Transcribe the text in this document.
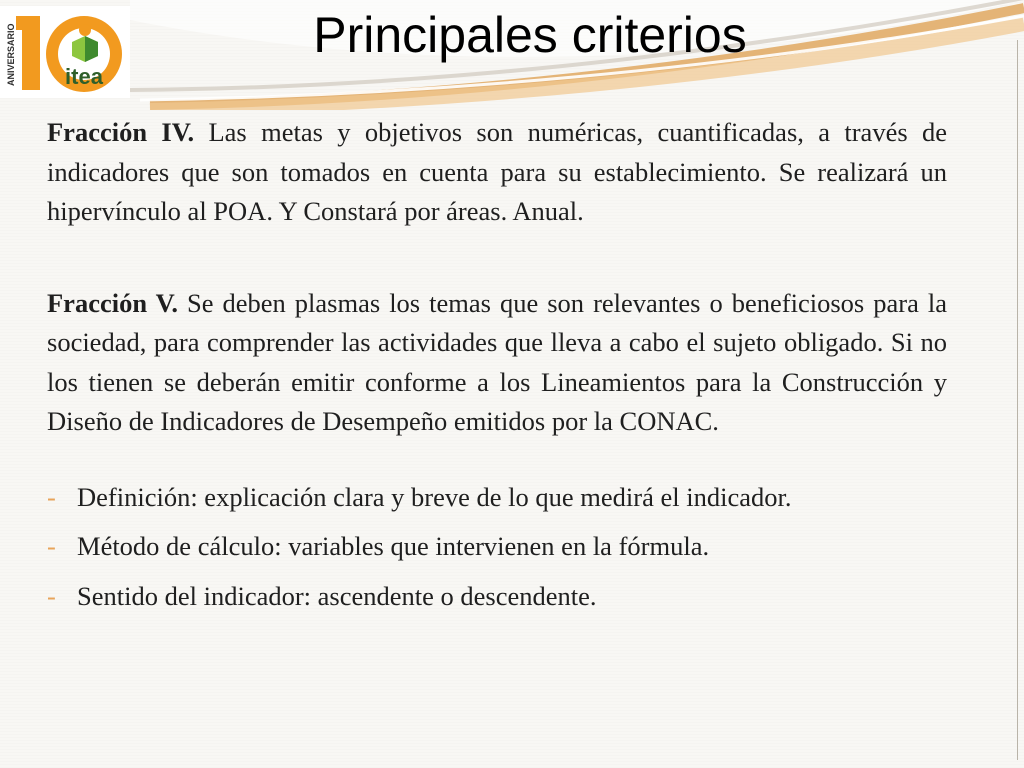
ANIVERSARIO itea
Principales criterios

Fracción IV. Las metas y objetivos son numéricas, cuantificadas, a través de indicadores que son tomados en cuenta para su establecimiento. Se realizará un hipervínculo al POA. Y Constará por áreas. Anual.

Fracción V. Se deben plasmas los temas que son relevantes o beneficiosos para la sociedad, para comprender las actividades que lleva a cabo el sujeto obligado. Si no los tienen se deberán emitir conforme a los Lineamientos para la Construcción y Diseño de Indicadores de Desempeño emitidos por la CONAC.

- Definición: explicación clara y breve de lo que medirá el indicador.
- Método de cálculo: variables que intervienen en la fórmula.
- Sentido del indicador: ascendente o descendente.
